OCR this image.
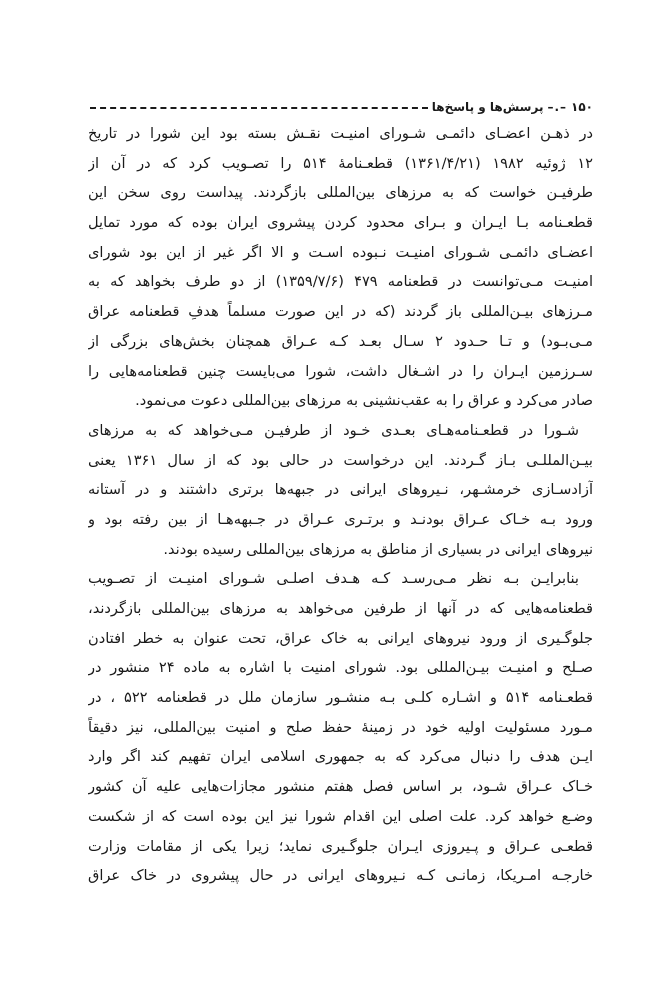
۱۵۰
–.–
پرسش‌ها و پاسخ‌ها
در ذهـن اعضـای دائمـی شـورای امنیـت نقـش بسته بود این شورا در تاریخ
۱۲ ژوئیه ۱۹۸۲ (۱۳۶۱/۴/۲۱) قطعـنامهٔ ۵۱۴ را تصـویب کرد که در آن از
طرفیـن خواست که به مرزهای بین‌المللی بازگردند. پیداست روی سخن این
قطعـنامه بـا ایـران و بـرای محدود کردن پیشروی ایران بوده که مورد تمایل
اعضـای دائمـی شـورای امنیـت نـبوده اسـت و الا اگر غیر از این بود شورای
امنیـت مـی‌توانست در قطعنامه ۴۷۹ (۱۳۵۹/۷/۶) از دو طرف بخواهد که به
مـرزهای بیـن‌المللی باز گردند (که در این صورت مسلماً هدفِ قطعنامه عراق
مـی‌بـود) و تـا حـدود ۲ سـال بعـد کـه عـراق همچنان بخش‌های بزرگی از
سـرزمین ایـران را در اشـغال داشت، شورا می‌بایست چنین قطعنامه‌هایی را
صادر می‌کرد و عراق را به عقب‌نشینی به مرزهای بین‌المللی دعوت می‌نمود.
شـورا در قطعـنامه‌هـای بعـدی خـود از طرفیـن مـی‌خواهد که به مرزهای
بیـن‌المللـی بـاز گـردند. این درخواست در حالی بود که از سال ۱۳۶۱ یعنی
آزادسـازی خرمشـهر، نـیروهای ایرانی در جبهه‌ها برتری داشتند و در آستانه
ورود بـه خـاک عـراق بودنـد و برتـری عـراق در جـبهه‌هـا از بین رفته بود و
نیروهای ایرانی در بسیاری از مناطق به مرزهای بین‌المللی رسیده بودند.
بنابرایـن بـه نظر مـی‌رسـد کـه هـدف اصلـی شـورای امنیـت از تصـویب
قطعنامه‌هایی که در آنها از طرفین می‌خواهد به مرزهای بین‌المللی بازگردند،
جلوگـیری از ورود نیروهای ایرانی به خاک عراق، تحت عنوان به خطر افتادن
صـلح و امنیـت بیـن‌المللی بود. شورای امنیت با اشاره به ماده ۲۴ منشور در
قطعـنامه ۵۱۴ و اشـاره کلـی بـه منشـور سازمان ملل در قطعنامه ۵۲۲ ، در
مـورد مسئولیت اولیه خود در زمینهٔ حفظ صلح و امنیت بین‌المللی، نیز دقیقاً
ایـن هدف را دنبال می‌کرد که به جمهوری اسلامی ایران تفهیم کند اگر وارد
خـاک عـراق شـود، بر اساس فصل هفتم منشور مجازات‌هایی علیه آن کشور
وضـع خواهد کرد. علت اصلی این اقدام شورا نیز این بوده است که از شکست
قطعـی عـراق و پـیروزی ایـران جلوگـیری نماید؛ زیرا یکی از مقامات وزارت
خارجـه امـریکا، زمانـی کـه نـیروهای ایرانی در حال پیشروی در خاک عراق
